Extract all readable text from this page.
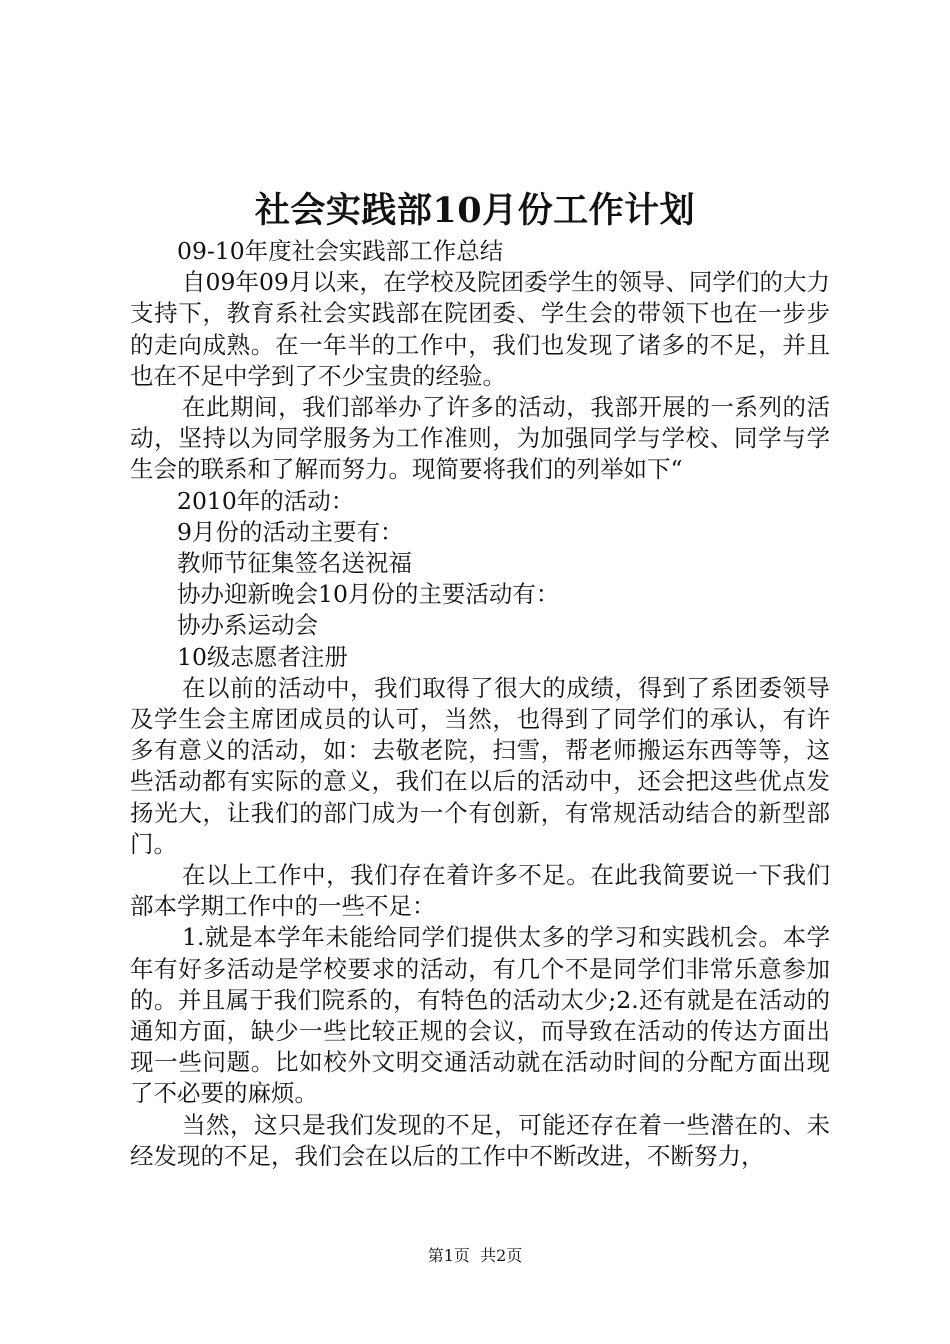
社会实践部10月份工作计划

09-10年度社会实践部工作总结

自09年09月以来，在学校及院团委学生的领导、同学们的大力支持下，教育系社会实践部在院团委、学生会的带领下也在一步步的走向成熟。在一年半的工作中，我们也发现了诸多的不足，并且也在不足中学到了不少宝贵的经验。

在此期间，我们部举办了许多的活动，我部开展的一系列的活动，坚持以为同学服务为工作准则，为加强同学与学校、同学与学生会的联系和了解而努力。现简要将我们的列举如下“

2010年的活动：

9月份的活动主要有：

教师节征集签名送祝福

协办迎新晚会10月份的主要活动有：

协办系运动会

10级志愿者注册

在以前的活动中，我们取得了很大的成绩，得到了系团委领导及学生会主席团成员的认可，当然，也得到了同学们的承认，有许多有意义的活动，如：去敬老院，扫雪，帮老师搬运东西等等，这些活动都有实际的意义，我们在以后的活动中，还会把这些优点发扬光大，让我们的部门成为一个有创新，有常规活动结合的新型部门。

在以上工作中，我们存在着许多不足。在此我简要说一下我们部本学期工作中的一些不足：

1.就是本学年未能给同学们提供太多的学习和实践机会。本学年有好多活动是学校要求的活动，有几个不是同学们非常乐意参加的。并且属于我们院系的，有特色的活动太少;2.还有就是在活动的通知方面，缺少一些比较正规的会议，而导致在活动的传达方面出现一些问题。比如校外文明交通活动就在活动时间的分配方面出现了不必要的麻烦。

当然，这只是我们发现的不足，可能还存在着一些潜在的、未经发现的不足，我们会在以后的工作中不断改进，不断努力，

第1页  共2页
